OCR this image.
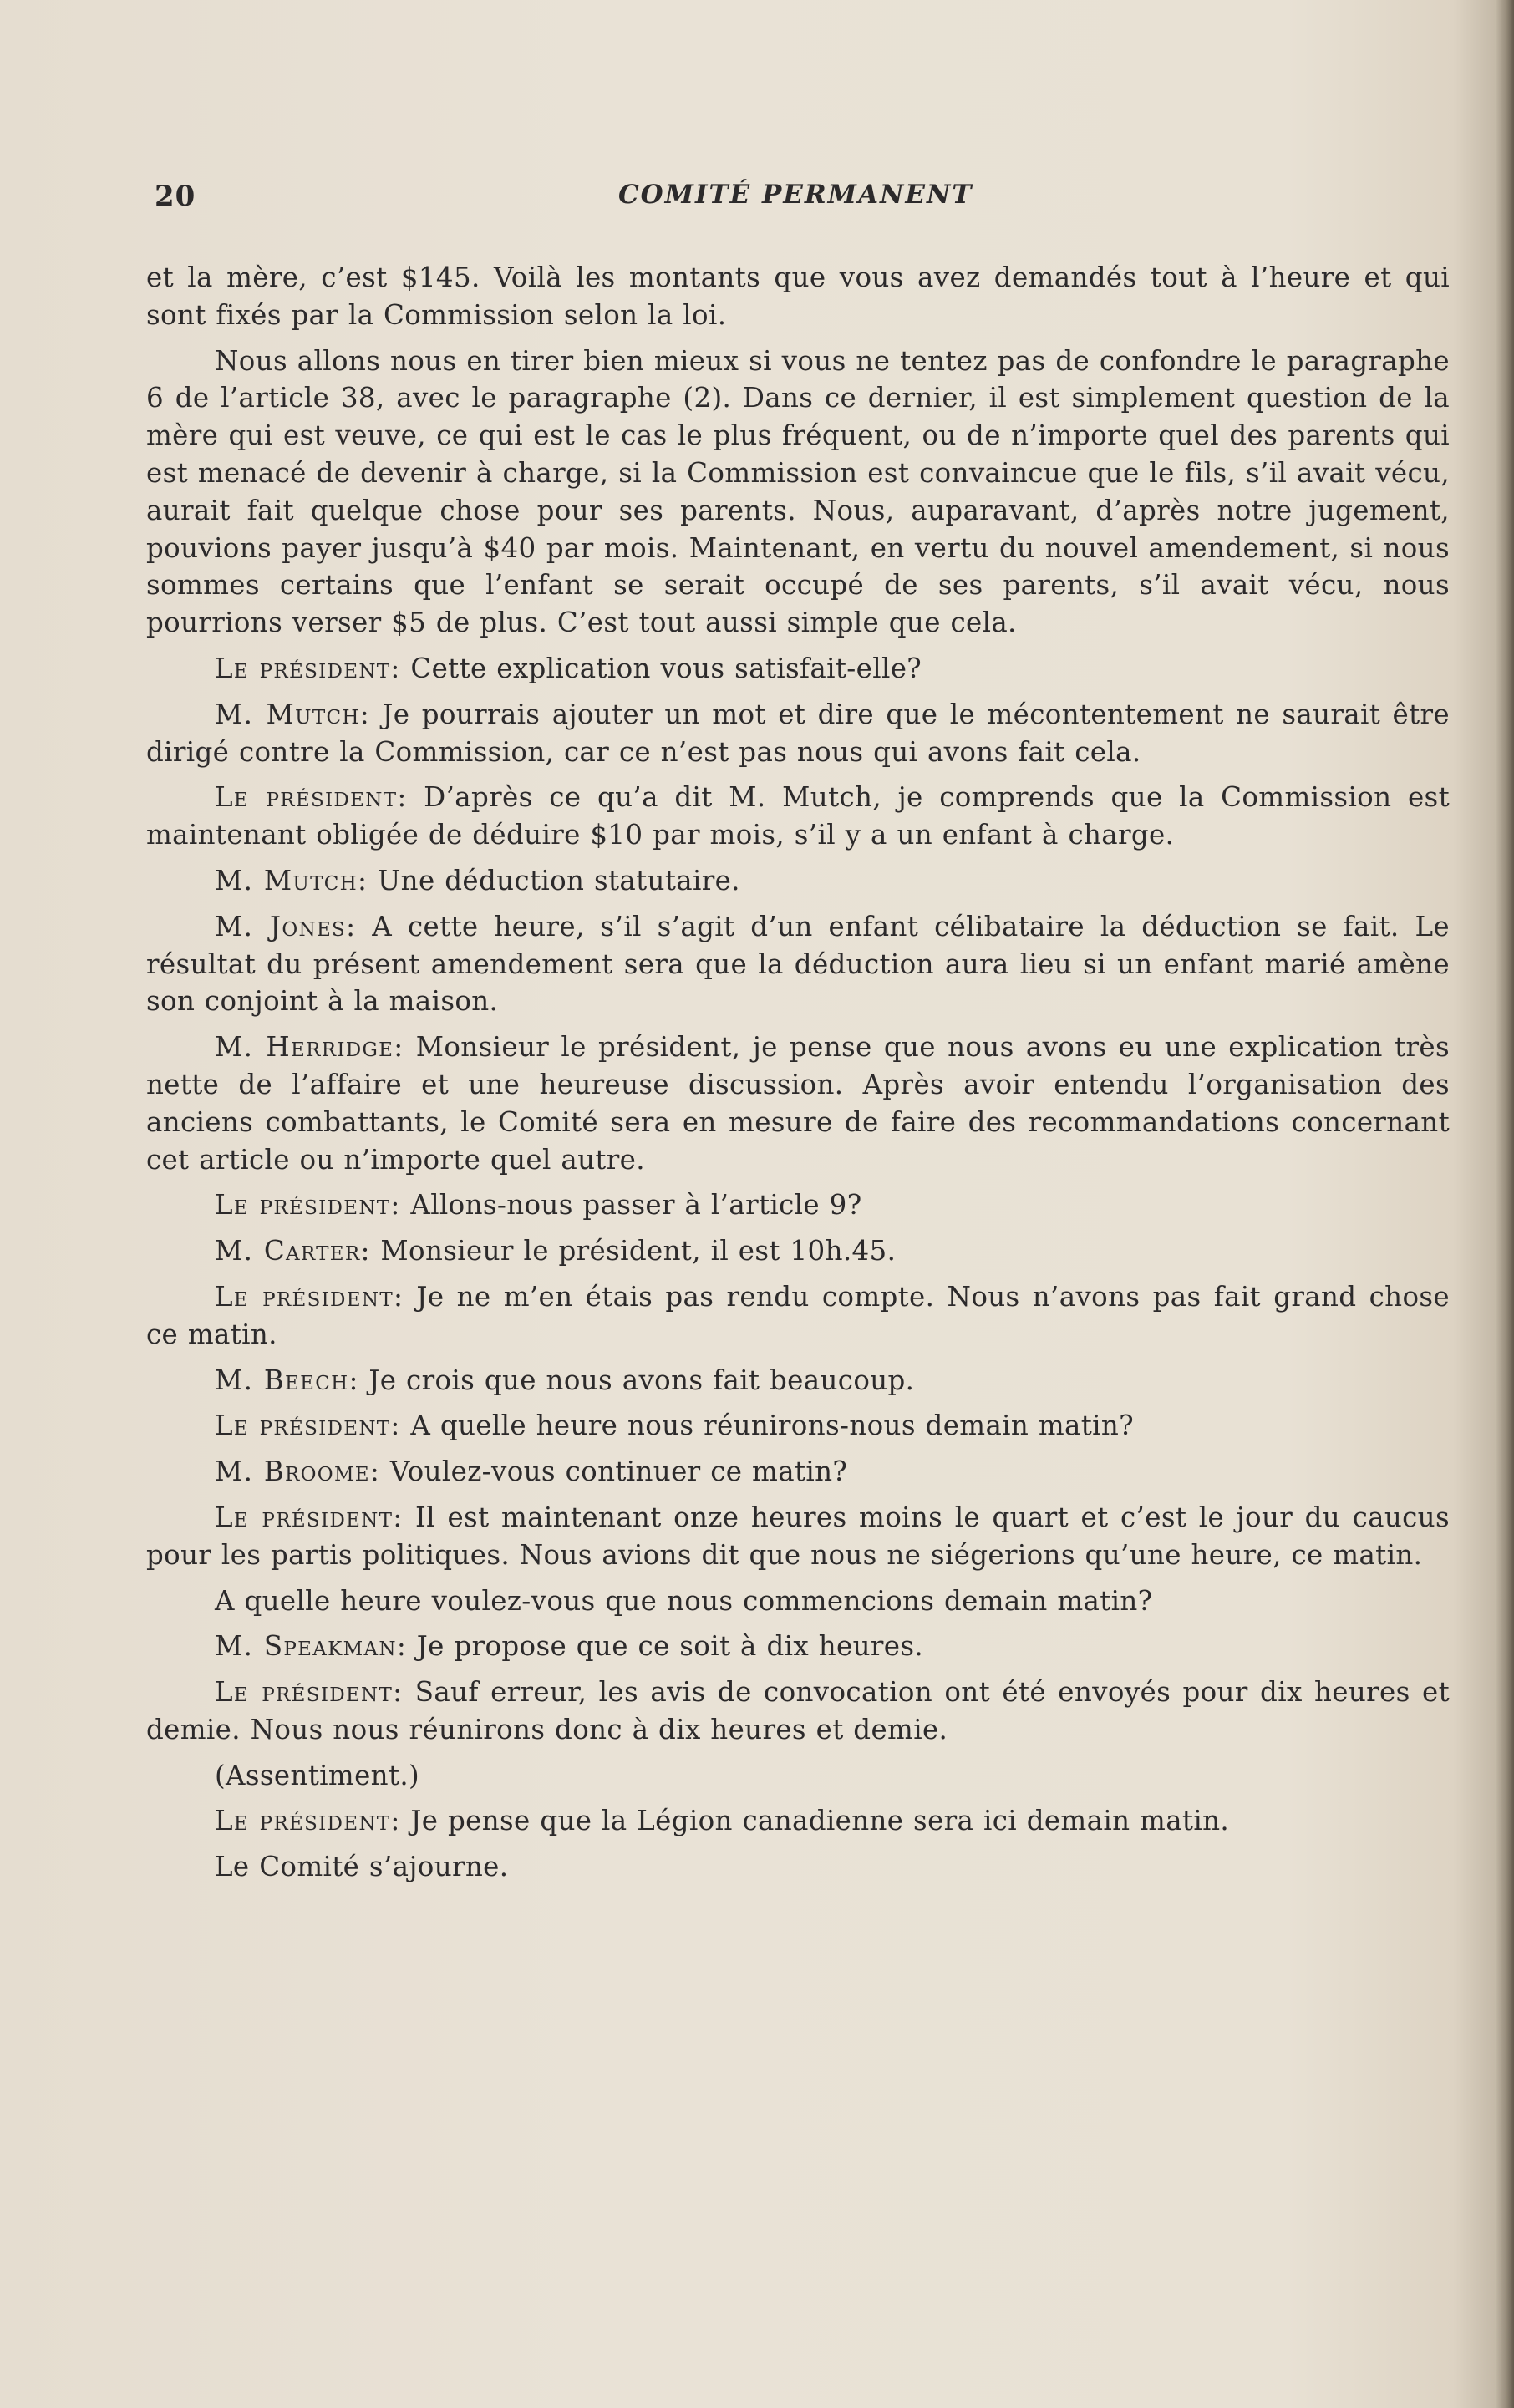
20	COMITÉ PERMANENT

et la mère, c’est $145. Voilà les montants que vous avez demandés tout à l’heure et qui sont fixés par la Commission selon la loi.

Nous allons nous en tirer bien mieux si vous ne tentez pas de confondre le paragraphe 6 de l’article 38, avec le paragraphe (2). Dans ce dernier, il est simplement question de la mère qui est veuve, ce qui est le cas le plus fréquent, ou de n’importe quel des parents qui est menacé de devenir à charge, si la Commission est convaincue que le fils, s’il avait vécu, aurait fait quelque chose pour ses parents. Nous, auparavant, d’après notre jugement, pouvions payer jusqu’à $40 par mois. Maintenant, en vertu du nouvel amendement, si nous sommes certains que l’enfant se serait occupé de ses parents, s’il avait vécu, nous pourrions verser $5 de plus. C’est tout aussi simple que cela.

Le président: Cette explication vous satisfait-elle?

M. Mutch: Je pourrais ajouter un mot et dire que le mécontentement ne saurait être dirigé contre la Commission, car ce n’est pas nous qui avons fait cela.

Le président: D’après ce qu’a dit M. Mutch, je comprends que la Commission est maintenant obligée de déduire $10 par mois, s’il y a un enfant à charge.

M. Mutch: Une déduction statutaire.

M. Jones: A cette heure, s’il s’agit d’un enfant célibataire la déduction se fait. Le résultat du présent amendement sera que la déduction aura lieu si un enfant marié amène son conjoint à la maison.

M. Herridge: Monsieur le président, je pense que nous avons eu une explication très nette de l’affaire et une heureuse discussion. Après avoir entendu l’organisation des anciens combattants, le Comité sera en mesure de faire des recommandations concernant cet article ou n’importe quel autre.

Le président: Allons-nous passer à l’article 9?

M. Carter: Monsieur le président, il est 10h.45.

Le président: Je ne m’en étais pas rendu compte. Nous n’avons pas fait grand chose ce matin.

M. Beech: Je crois que nous avons fait beaucoup.

Le président: A quelle heure nous réunirons-nous demain matin?

M. Broome: Voulez-vous continuer ce matin?

Le président: Il est maintenant onze heures moins le quart et c’est le jour du caucus pour les partis politiques. Nous avions dit que nous ne siégerions qu’une heure, ce matin.

A quelle heure voulez-vous que nous commencions demain matin?

M. Speakman: Je propose que ce soit à dix heures.

Le président: Sauf erreur, les avis de convocation ont été envoyés pour dix heures et demie. Nous nous réunirons donc à dix heures et demie.

(Assentiment.)

Le président: Je pense que la Légion canadienne sera ici demain matin.

Le Comité s’ajourne.
